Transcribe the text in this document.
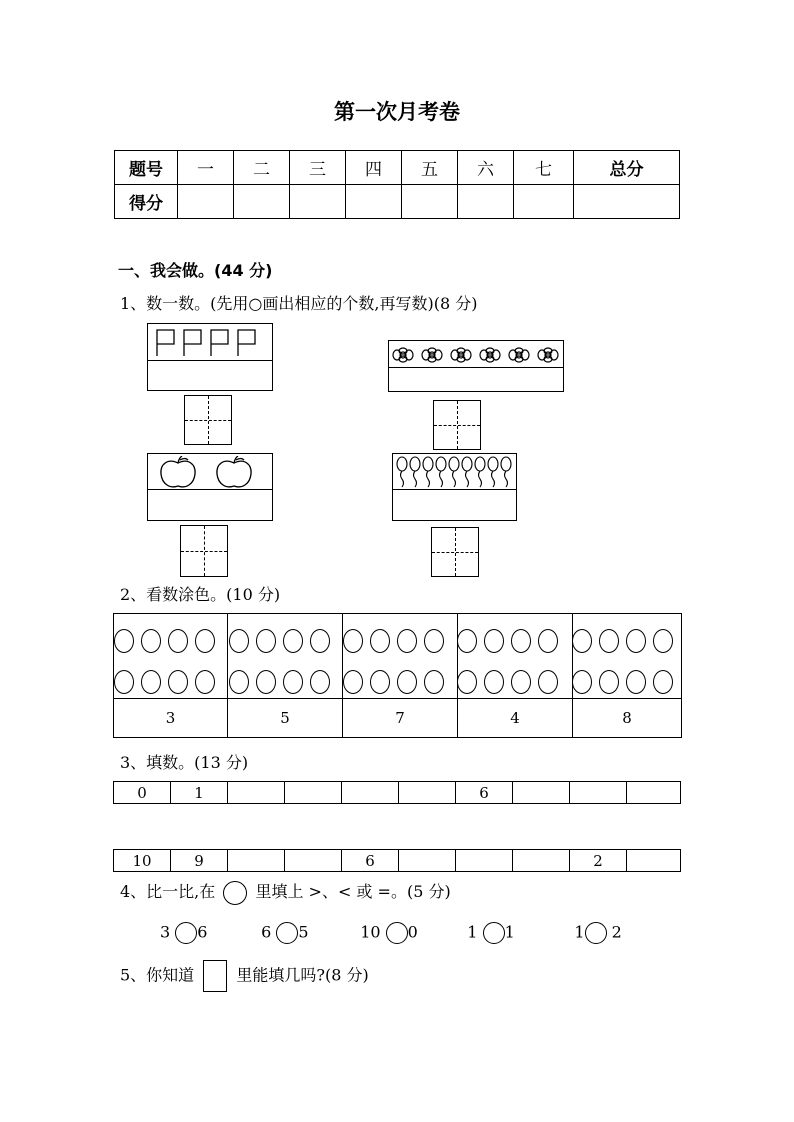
第一次月考卷
题号	一	二	三	四	五	六	七	总分
得分								
一、我会做。(44 分)
1、数一数。(先用○画出相应的个数,再写数)(8 分)
2、看数涂色。(10 分)

3	5	7	4	8
3、填数。(13 分)
0	1					6			
10	9			6				2	
4、比一比,在	里填上 >、< 或 =。(5 分)
3 6	6 5	10 0	1 1	1 2
5、你知道	里能填几吗?(8 分)
